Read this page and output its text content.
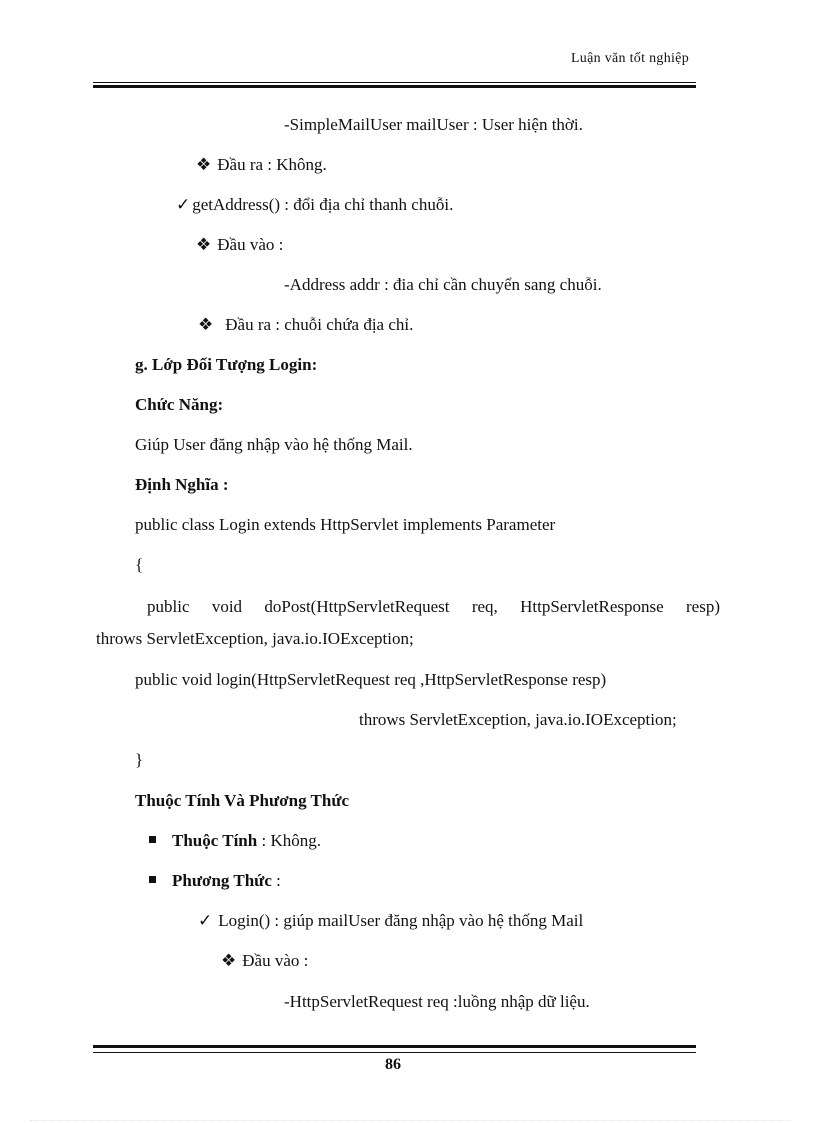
Luận văn tốt nghiệp
-SimpleMailUser mailUser : User hiện thời.
❖ Đầu ra : Không.
✓ getAddress() : đổi địa chỉ thanh chuỗi.
❖ Đầu vào :
-Address addr : đia chỉ cần chuyển sang chuỗi.
❖ Đầu ra : chuỗi chứa địa chỉ.
g. Lớp Đối Tượng Login:
Chức Năng:
Giúp User đăng nhập vào hệ thống Mail.
Định Nghĩa :
public class Login extends HttpServlet implements Parameter
{
public void doPost(HttpServletRequest req, HttpServletResponse resp)
throws ServletException, java.io.IOException;
public void login(HttpServletRequest req ,HttpServletResponse resp)
throws ServletException, java.io.IOException;
}
Thuộc Tính Và Phương Thức
Thuộc Tính : Không.
Phương Thức :
✓ Login() : giúp mailUser đăng nhập vào hệ thống Mail
❖ Đầu vào :
-HttpServletRequest req :luồng nhập dữ liệu.
86
